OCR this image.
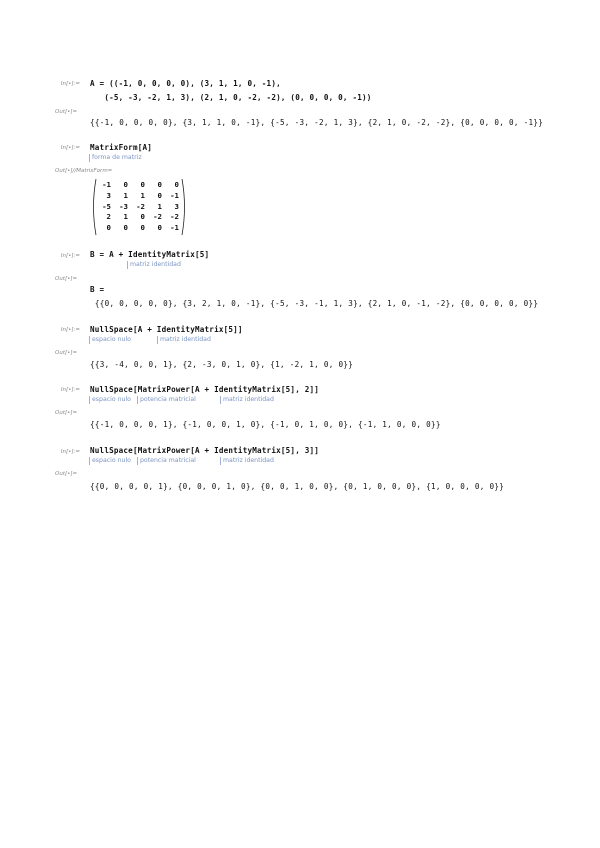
In[•]:= A = ((-1, 0, 0, 0, 0), (3, 1, 1, 0, -1),
(-5, -3, -2, 1, 3), (2, 1, 0, -2, -2), (0, 0, 0, 0, -1))
Out[•]=
{{-1, 0, 0, 0, 0}, {3, 1, 1, 0, -1}, {-5, -3, -2, 1, 3}, {2, 1, 0, -2, -2}, {0, 0, 0, 0, -1}}
In[•]:= MatrixForm[A]
forma de matriz
Out[•]//MatrixForm=
-1	0	0	0	0
3	1	1	0	-1
-5	-3	-2	1	3
2	1	0	-2	-2
0	0	0	0	-1
In[•]:= B = A + IdentityMatrix[5]
matriz identidad
Out[•]=
B =
{{0, 0, 0, 0, 0}, {3, 2, 1, 0, -1}, {-5, -3, -1, 1, 3}, {2, 1, 0, -1, -2}, {0, 0, 0, 0, 0}}
In[•]:= NullSpace[A + IdentityMatrix[5]]
espacio nulo	matriz identidad
Out[•]=
{{3, -4, 0, 0, 1}, {2, -3, 0, 1, 0}, {1, -2, 1, 0, 0}}
In[•]:= NullSpace[MatrixPower[A + IdentityMatrix[5], 2]]
espacio nulo	potencia matricial	matriz identidad
Out[•]=
{{-1, 0, 0, 0, 1}, {-1, 0, 0, 1, 0}, {-1, 0, 1, 0, 0}, {-1, 1, 0, 0, 0}}
In[•]:= NullSpace[MatrixPower[A + IdentityMatrix[5], 3]]
espacio nulo	potencia matricial	matriz identidad
Out[•]=
{{0, 0, 0, 0, 1}, {0, 0, 0, 1, 0}, {0, 0, 1, 0, 0}, {0, 1, 0, 0, 0}, {1, 0, 0, 0, 0}}
